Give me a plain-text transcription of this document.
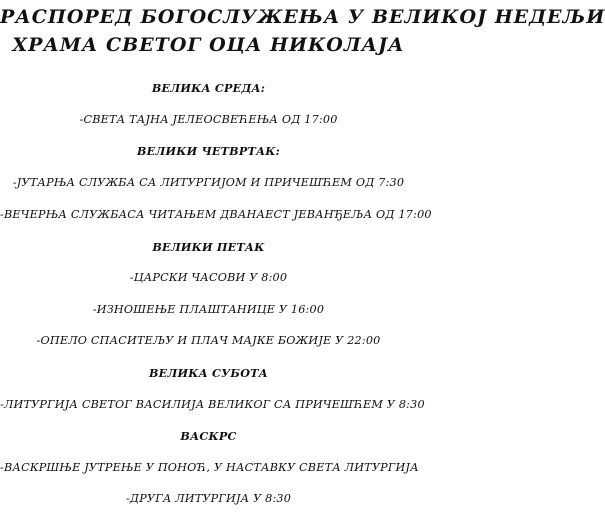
РАСПОРЕД БОГОСЛУЖЕЊА У ВЕЛИКОЈ НЕДЕЉИ
ХРАМА СВЕТОГ ОЦА НИКОЛАЈА
ВЕЛИКА СРЕДА:
-СВЕТА ТАЈНА ЈЕЛЕОСВЕЋЕЊА ОД 17:00
ВЕЛИКИ ЧЕТВРТАК:
-ЈУТАРЊА СЛУЖБА СА ЛИТУРГИЈОМ И ПРИЧЕШЋЕМ ОД 7:30
-ВЕЧЕРЊА СЛУЖБАСА ЧИТАЊЕМ ДВАНАЕСТ ЈЕВАНЂЕЉА ОД 17:00
ВЕЛИКИ ПЕТАК
-ЦАРСКИ ЧАСОВИ У 8:00
-ИЗНОШЕЊЕ ПЛАШТАНИЦЕ У 16:00
-ОПЕЛО СПАСИТЕЉУ И ПЛАЧ МАЈКЕ БОЖИЈЕ У 22:00
ВЕЛИКА СУБОТА
-ЛИТУРГИЈА СВЕТОГ ВАСИЛИЈА ВЕЛИКОГ СА ПРИЧЕШЋЕМ У 8:30
ВАСКРС
-ВАСКРШЊЕ ЈУТРЕЊЕ У ПОНОЋ, У НАСТАВКУ СВЕТА ЛИТУРГИЈА
-ДРУГА ЛИТУРГИЈА У 8:30
